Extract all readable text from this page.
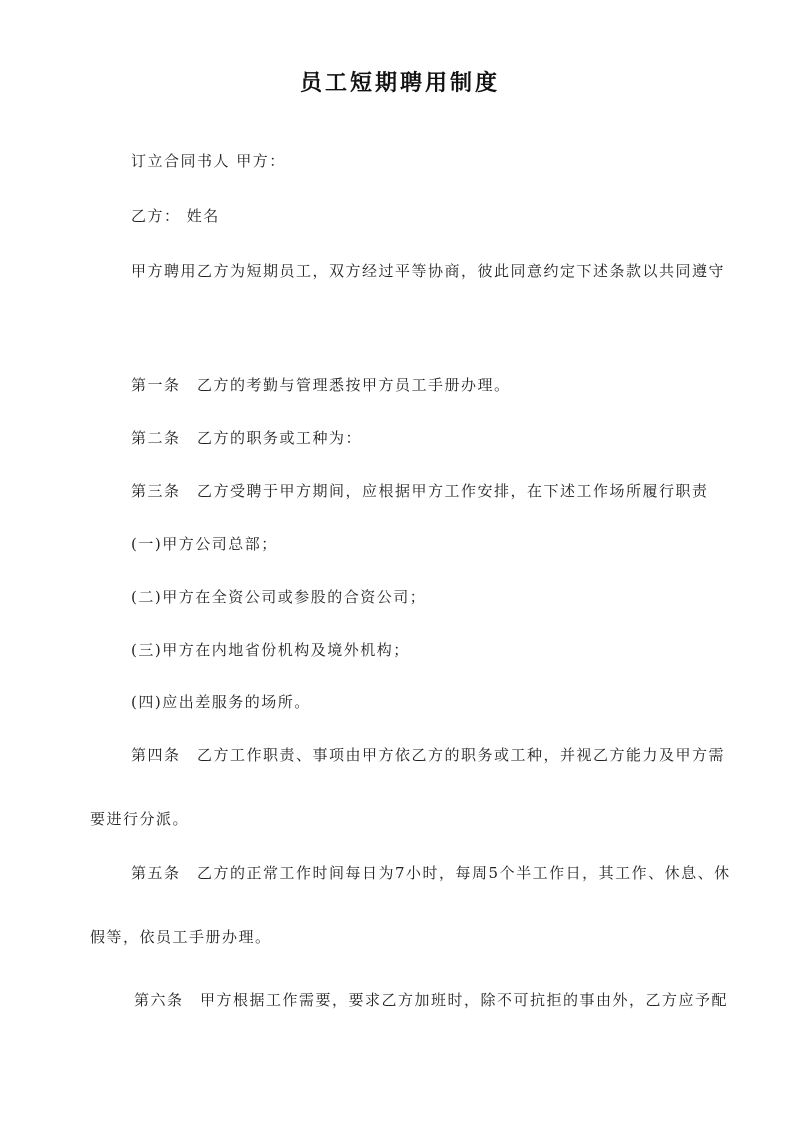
员工短期聘用制度
订立合同书人 甲方：
乙方： 姓名
甲方聘用乙方为短期员工，双方经过平等协商，彼此同意约定下述条款以共同遵守
第一条　乙方的考勤与管理悉按甲方员工手册办理。
第二条　乙方的职务或工种为：
第三条　乙方受聘于甲方期间，应根据甲方工作安排，在下述工作场所履行职责
(一)甲方公司总部；
(二)甲方在全资公司或参股的合资公司；
(三)甲方在内地省份机构及境外机构；
(四)应出差服务的场所。
第四条　乙方工作职责、事项由甲方依乙方的职务或工种，并视乙方能力及甲方需
要进行分派。
第五条　乙方的正常工作时间每日为7小时，每周5个半工作日，其工作、休息、休
假等，依员工手册办理。
第六条　甲方根据工作需要，要求乙方加班时，除不可抗拒的事由外，乙方应予配
